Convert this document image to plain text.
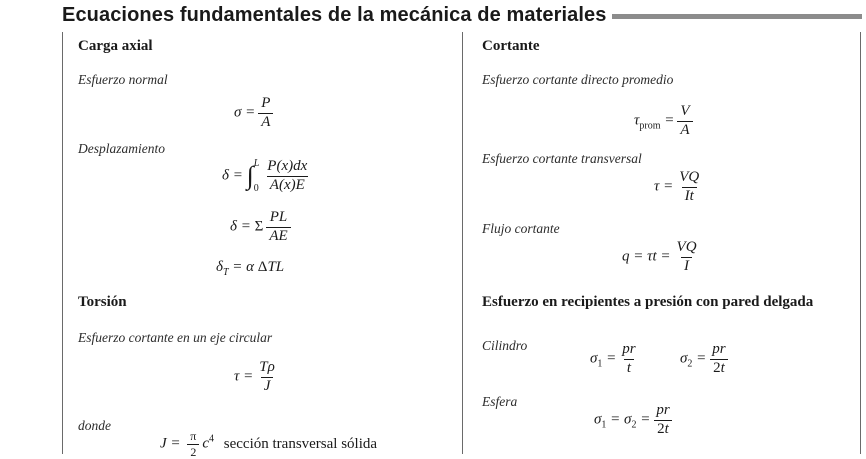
Ecuaciones fundamentales de la mecánica de materiales
Carga axial
Esfuerzo normal
$\sigma = \frac{P}{A}$
Desplazamiento
δ = ∫ L
$0 \frac{P(x)dx}{A(x)E}$
δ = Σ $\frac{PL}{AE}$
$\delta_T = \alpha$ ΔTL
Torsión
Esfuerzo cortante en un eje circular
$\tau = \frac{T\rho}{J}$
donde
$J = \frac{\pi}{2} c^4$ sección transversal sólida
Cortante
Esfuerzo cortante directo promedio
$\tau_{prom} = \frac{V}{A}$
Esfuerzo cortante transversal
$\tau = \frac{VQ}{It}$
Flujo cortante
$q = \tau t = \frac{VQ}{I}$
Esfuerzo en recipientes a presión con pared delgada
Cilindro
$\sigma_1 = \frac{pr}{t}$	$\sigma_2 = \frac{pr}{2t}$
Esfera
$\sigma_1 = \sigma_2 = \frac{pr}{2t}$
